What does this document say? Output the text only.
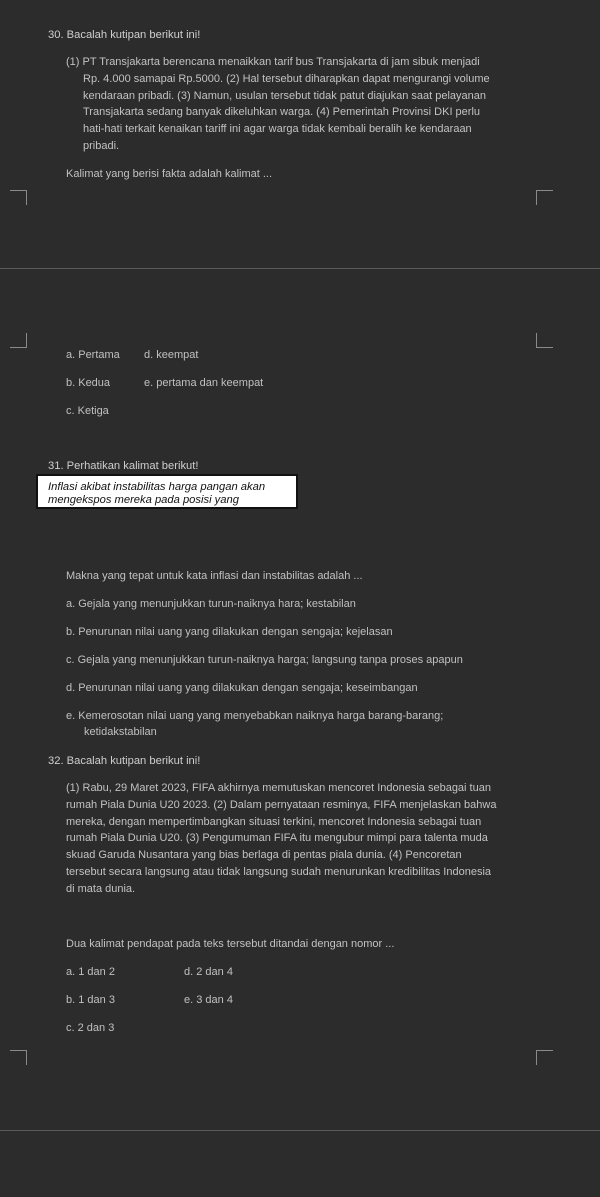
30. Bacalah kutipan berikut ini!
(1) PT Transjakarta berencana menaikkan tarif bus Transjakarta di jam sibuk menjadi
Rp. 4.000 samapai Rp.5000. (2) Hal tersebut diharapkan dapat mengurangi volume
kendaraan pribadi. (3) Namun, usulan tersebut tidak patut diajukan saat pelayanan
Transjakarta sedang banyak dikeluhkan warga. (4) Pemerintah Provinsi DKI perlu
hati-hati terkait kenaikan tariff ini agar warga tidak kembali beralih ke kendaraan
pribadi.
Kalimat yang berisi fakta adalah kalimat ...
a. Pertama d. keempat
b. Kedua	e. pertama dan keempat
c. Ketiga
31. Perhatikan kalimat berikut!
Inflasi akibat instabilitas harga pangan akan
mengeksp​os mereka pada posisi yang
Makna yang tepat untuk kata inflasi dan instabilitas adalah ...
a. Gejala yang menunjukkan turun-naiknya hara; kestabilan
b. Penurunan nilai uang yang dilakukan dengan sengaja; kejelasan
c. Gejala yang menunjukkan turun-naiknya harga; langsung tanpa proses apapun
d. Penurunan nilai uang yang dilakukan dengan sengaja; keseimbangan
e. Kemerosotan nilai uang yang menyebabkan naiknya harga barang-barang;
ketidakstabilan
32. Bacalah kutipan berikut ini!
(1) Rabu, 29 Maret 2023, FIFA akhirnya memutuskan mencoret Indonesia sebagai tuan
rumah Piala Dunia U20 2023. (2) Dalam pernyataan resminya, FIFA menjelaskan bahwa
mereka, dengan mempertimbangkan situasi terkini, mencoret Indonesia sebagai tuan
rumah Piala Dunia U20. (3) Pengumuman FIFA itu mengubur mimpi para talenta muda
skuad Garuda Nusantara yang bias berlaga di pentas piala dunia. (4) Pencoretan
tersebut secara langsung atau tidak langsung sudah menurunkan kredibilitas Indonesia
di mata dunia.
Dua kalimat pendapat pada teks tersebut ditandai dengan nomor ...
a. 1 dan 2	d. 2 dan 4
b. 1 dan 3	e. 3 dan 4
c. 2 dan 3
